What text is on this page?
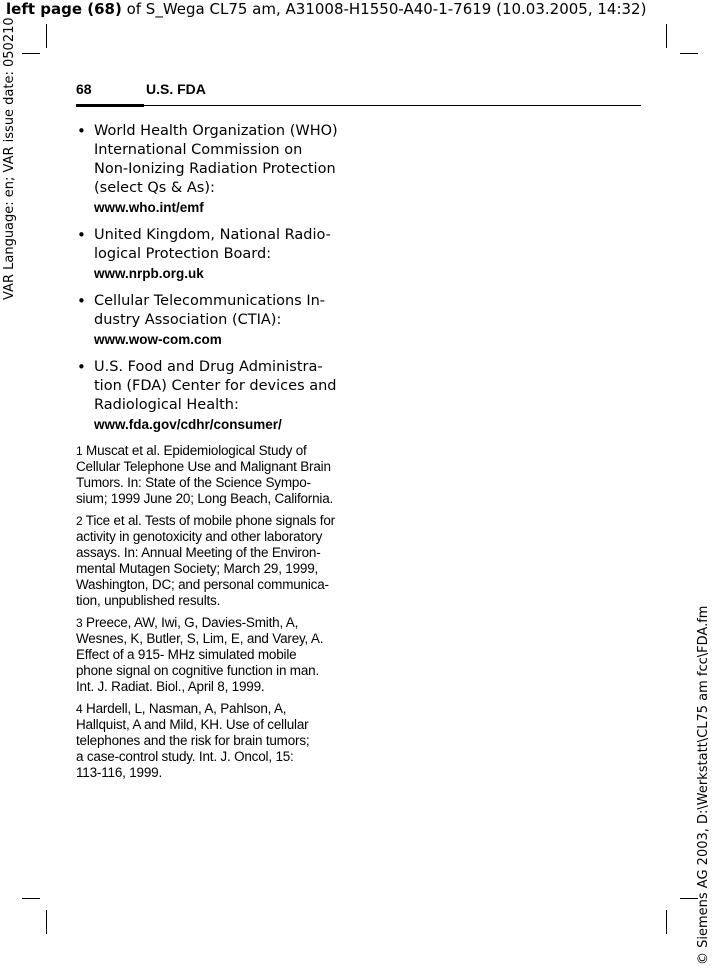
left page (68) of S_Wega CL75 am, A31008-H1550-A40-1-7619 (10.03.2005, 14:32)
VAR Language: en; VAR issue date: 050210
© Siemens AG 2003, D:\Werkstatt\CL75 am fcc\FDA.fm
68	U.S. FDA
• World Health Organization (WHO)
International Commission on
Non-Ionizing Radiation Protection
(select Qs & As):
www.who.int/emf
• United Kingdom, National Radio-
logical Protection Board:
www.nrpb.org.uk
• Cellular Telecommunications In-
dustry Association (CTIA):
www.wow-com.com
• U.S. Food and Drug Administra-
tion (FDA) Center for devices and
Radiological Health:
www.fda.gov/cdhr/consumer/
1 Muscat et al. Epidemiological Study of
Cellular Telephone Use and Malignant Brain
Tumors. In: State of the Science Sympo-
sium; 1999 June 20; Long Beach, California.
2 Tice et al. Tests of mobile phone signals for
activity in genotoxicity and other laboratory
assays. In: Annual Meeting of the Environ-
mental Mutagen Society; March 29, 1999,
Washington, DC; and personal communica-
tion, unpublished results.
3 Preece, AW, Iwi, G, Davies-Smith, A,
Wesnes, K, Butler, S, Lim, E, and Varey, A.
Effect of a 915- MHz simulated mobile
phone signal on cognitive function in man.
Int. J. Radiat. Biol., April 8, 1999.
4 Hardell, L, Nasman, A, Pahlson, A,
Hallquist, A and Mild, KH. Use of cellular
telephones and the risk for brain tumors;
a case-control study. Int. J. Oncol, 15:
113-116, 1999.
